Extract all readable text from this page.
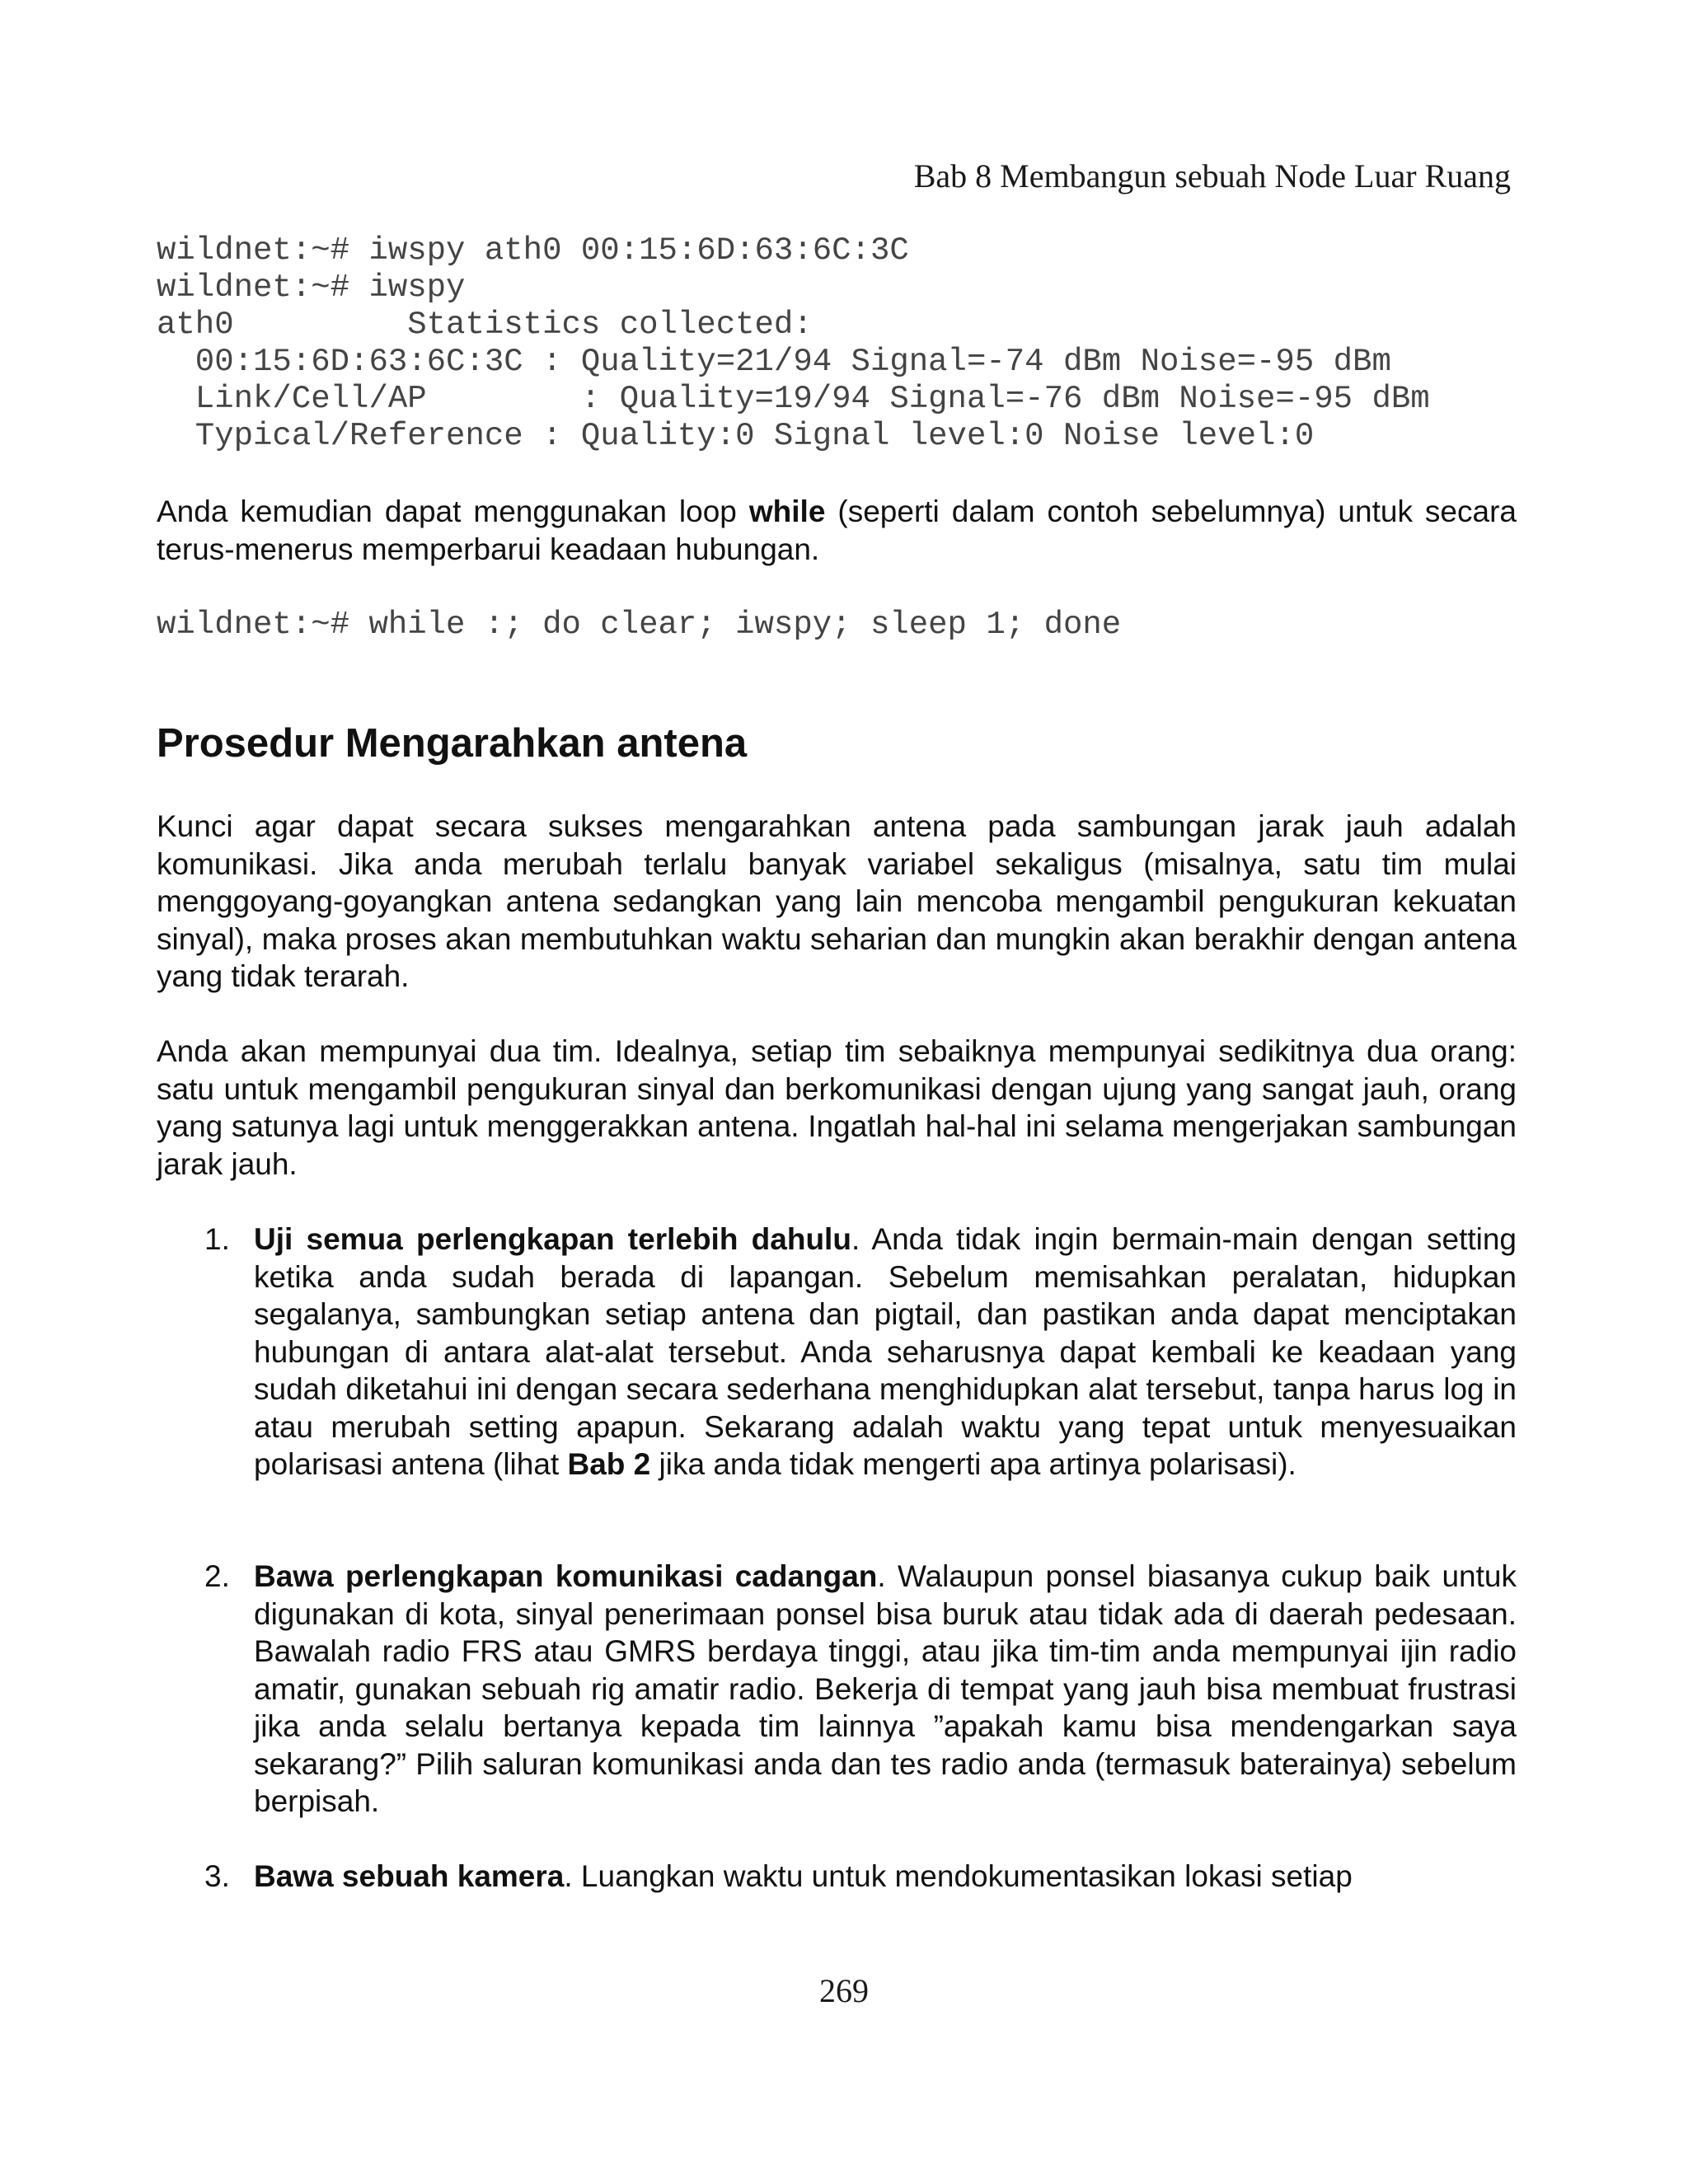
Bab 8 Membangun sebuah Node Luar Ruang
wildnet:~# iwspy ath0 00:15:6D:63:6C:3C
wildnet:~# iwspy
ath0         Statistics collected:
00:15:6D:63:6C:3C : Quality=21/94 Signal=-74 dBm Noise=-95 dBm
Link/Cell/AP        : Quality=19/94 Signal=-76 dBm Noise=-95 dBm
Typical/Reference : Quality:0 Signal level:0 Noise level:0

Anda kemudian dapat menggunakan loop while (seperti dalam contoh sebelumnya) untuk secara terus-menerus memperbarui keadaan hubungan.

wildnet:~# while :; do clear; iwspy; sleep 1; done
Prosedur Mengarahkan antena

Kunci agar dapat secara sukses mengarahkan antena pada sambungan jarak jauh adalah komunikasi. Jika anda merubah terlalu banyak variabel sekaligus (misalnya, satu tim mulai menggoyang-goyangkan antena sedangkan yang lain mencoba mengambil pengukuran kekuatan sinyal), maka proses akan membutuhkan waktu seharian dan mungkin akan berakhir dengan antena yang tidak terarah.

Anda akan mempunyai dua tim. Idealnya, setiap tim sebaiknya mempunyai sedikitnya dua orang: satu untuk mengambil pengukuran sinyal dan berkomunikasi dengan ujung yang sangat jauh, orang yang satunya lagi untuk menggerakkan antena. Ingatlah hal-hal ini selama mengerjakan sambungan jarak jauh.

1. Uji semua perlengkapan terlebih dahulu. Anda tidak ingin bermain-main dengan setting ketika anda sudah berada di lapangan. Sebelum memisahkan peralatan, hidupkan segalanya, sambungkan setiap antena dan pigtail, dan pastikan anda dapat menciptakan hubungan di antara alat-alat tersebut. Anda seharusnya dapat kembali ke keadaan yang sudah diketahui ini dengan secara sederhana menghidupkan alat tersebut, tanpa harus log in atau merubah setting apapun. Sekarang adalah waktu yang tepat untuk menyesuaikan polarisasi antena (lihat Bab 2 jika anda tidak mengerti apa artinya polarisasi).
2. Bawa perlengkapan komunikasi cadangan. Walaupun ponsel biasanya cukup baik untuk digunakan di kota, sinyal penerimaan ponsel bisa buruk atau tidak ada di daerah pedesaan. Bawalah radio FRS atau GMRS berdaya tinggi, atau jika tim-tim anda mempunyai ijin radio amatir, gunakan sebuah rig amatir radio. Bekerja di tempat yang jauh bisa membuat frustrasi jika anda selalu bertanya kepada tim lainnya ”apakah kamu bisa mendengarkan saya sekarang?” Pilih saluran komunikasi anda dan tes radio anda (termasuk baterainya) sebelum berpisah.
3. Bawa sebuah kamera. Luangkan waktu untuk mendokumentasikan lokasi setiap
269
